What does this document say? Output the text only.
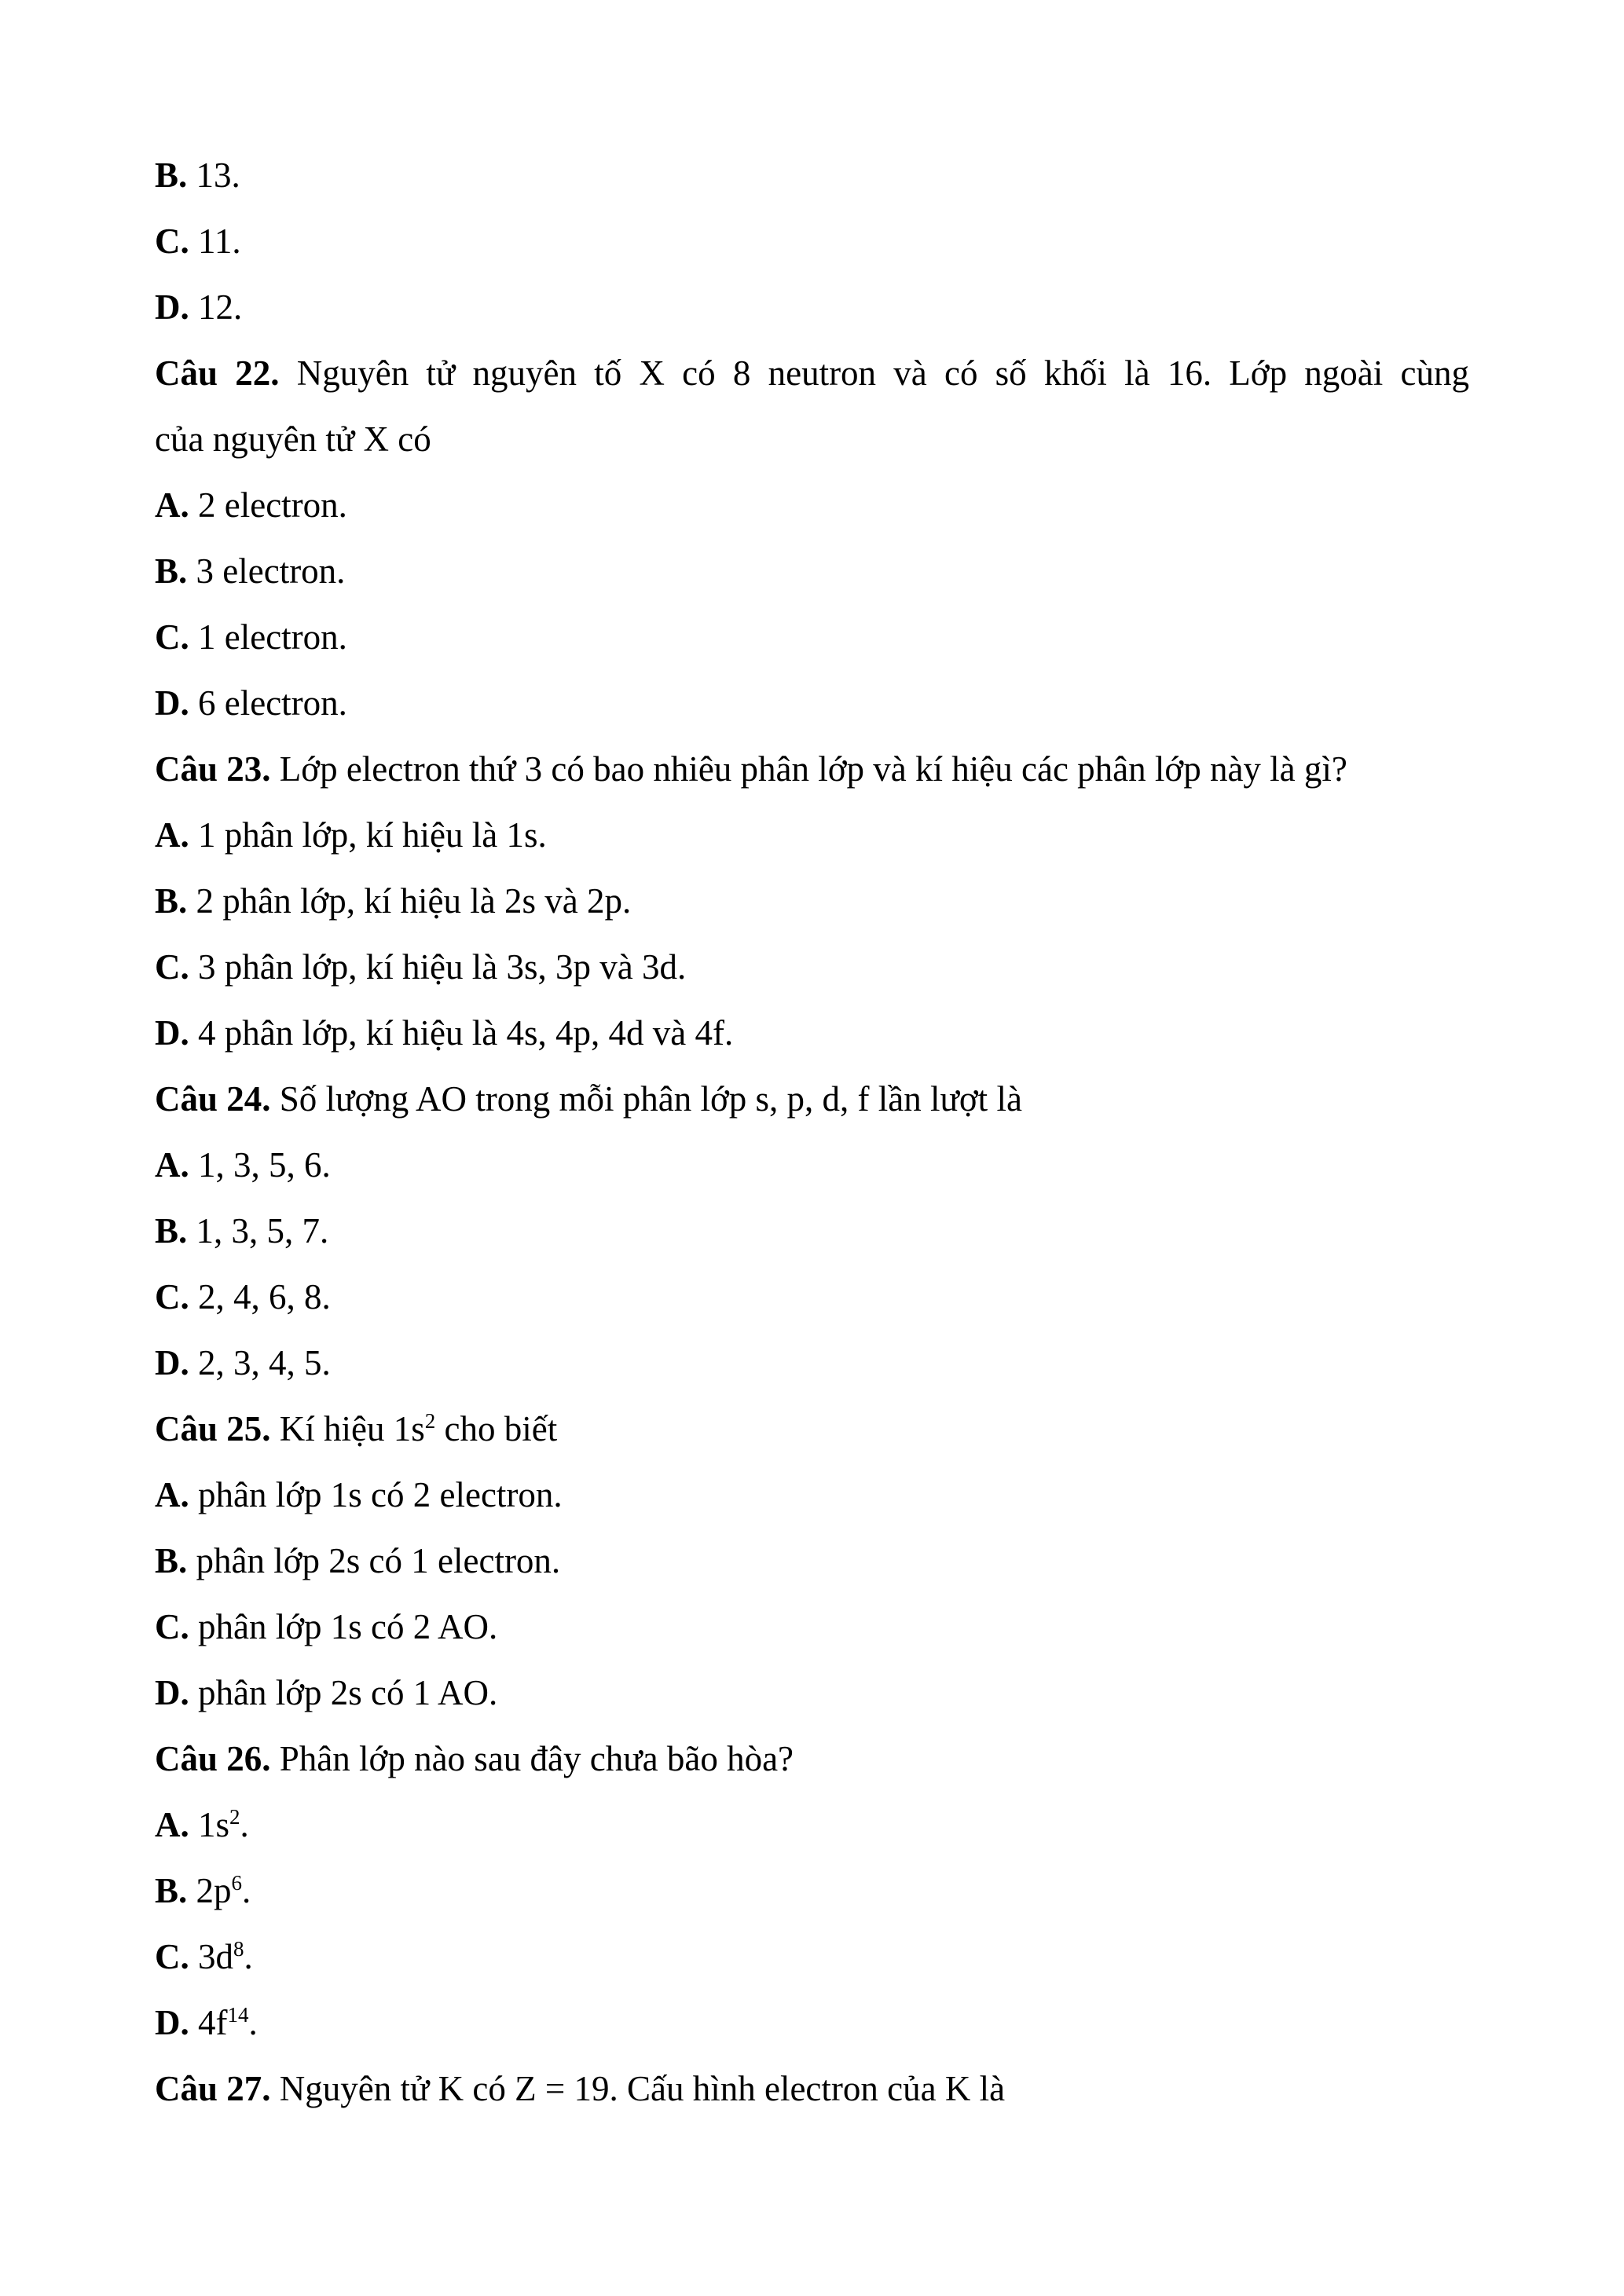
B. 13.

C. 11.

D. 12.

Câu 22. Nguyên tử nguyên tố X có 8 neutron và có số khối là 16. Lớp ngoài cùng

của nguyên tử X có

A. 2 electron.

B. 3 electron.

C. 1 electron.

D. 6 electron.

Câu 23. Lớp electron thứ 3 có bao nhiêu phân lớp và kí hiệu các phân lớp này là gì?

A. 1 phân lớp, kí hiệu là 1s.

B. 2 phân lớp, kí hiệu là 2s và 2p.

C. 3 phân lớp, kí hiệu là 3s, 3p và 3d.

D. 4 phân lớp, kí hiệu là 4s, 4p, 4d và 4f.

Câu 24. Số lượng AO trong mỗi phân lớp s, p, d, f lần lượt là

A. 1, 3, 5, 6.

B. 1, 3, 5, 7.

C. 2, 4, 6, 8.

D. 2, 3, 4, 5.

Câu 25. Kí hiệu $1s^2$ cho biết

A. phân lớp 1s có 2 electron.

B. phân lớp 2s có 1 electron.

C. phân lớp 1s có 2 AO.

D. phân lớp 2s có 1 AO.

Câu 26. Phân lớp nào sau đây chưa bão hòa?

A. $1s^2$.

B. $2p^6$.

C. $3d^8$.

D. $4f^{14}$.

Câu 27. Nguyên tử K có Z = 19. Cấu hình electron của K là
